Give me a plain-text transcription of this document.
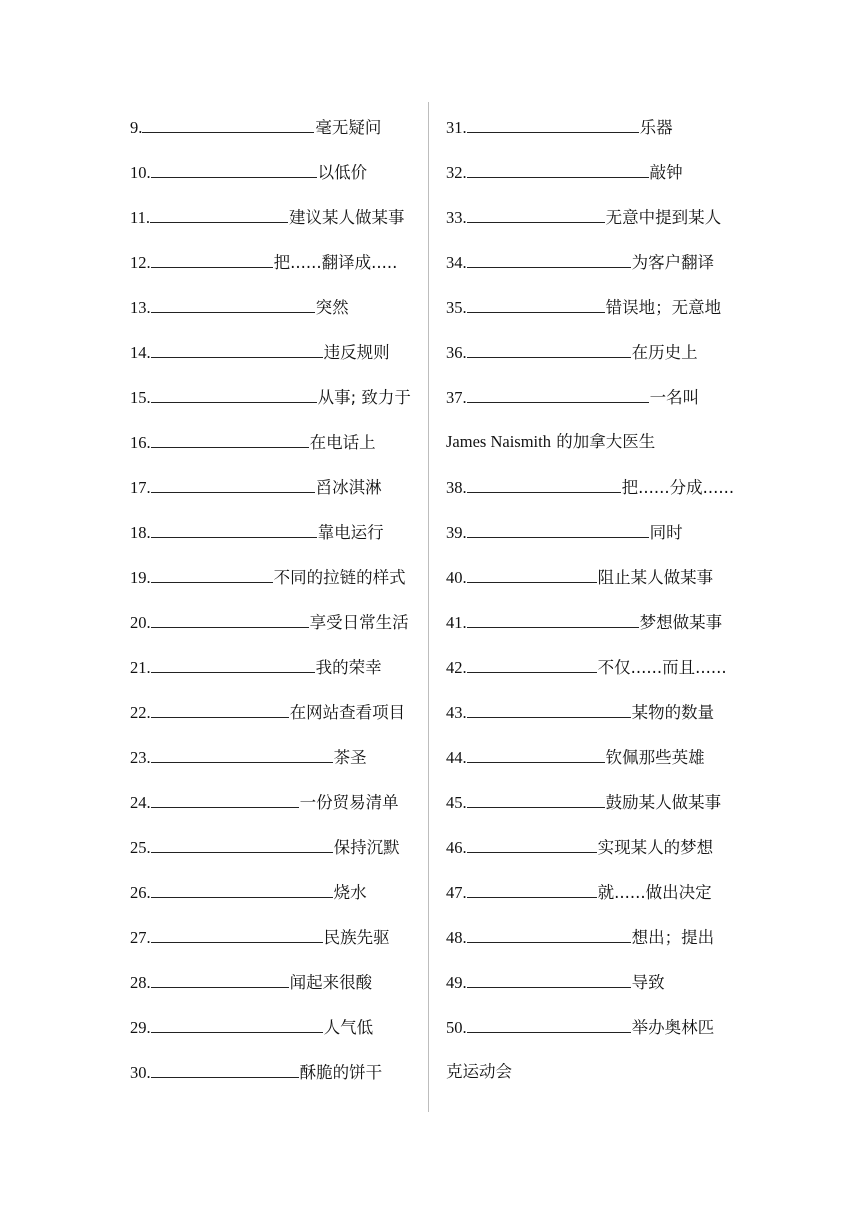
9.	毫无疑问
10.	以低价
11.	建议某人做某事
12.	把......翻译成.....
13.	突然
14.	违反规则
15.	从事; 致力于
16.	在电话上
17.	舀冰淇淋
18.	靠电运行
19.	不同的拉链的样式
20.	享受日常生活
21.	我的荣幸
22.	在网站查看项目
23.	茶圣
24.	一份贸易清单
25.	保持沉默
26.	烧水
27.	民族先驱
28.	闻起来很酸
29.	人气低
30.	酥脆的饼干
31.	乐器
32.	敲钟
33.	无意中提到某人
34.	为客户翻译
35.	错误地；无意地
36.	在历史上
37.	一名叫
James Naismith 的加拿大医生
38.	把......分成......
39.	同时
40.	阻止某人做某事
41.	梦想做某事
42.	不仅......而且......
43.	某物的数量
44.	钦佩那些英雄
45.	鼓励某人做某事
46.	实现某人的梦想
47.	就......做出决定
48.	想出；提出
49.	导致
50.	举办奥林匹
克运动会
